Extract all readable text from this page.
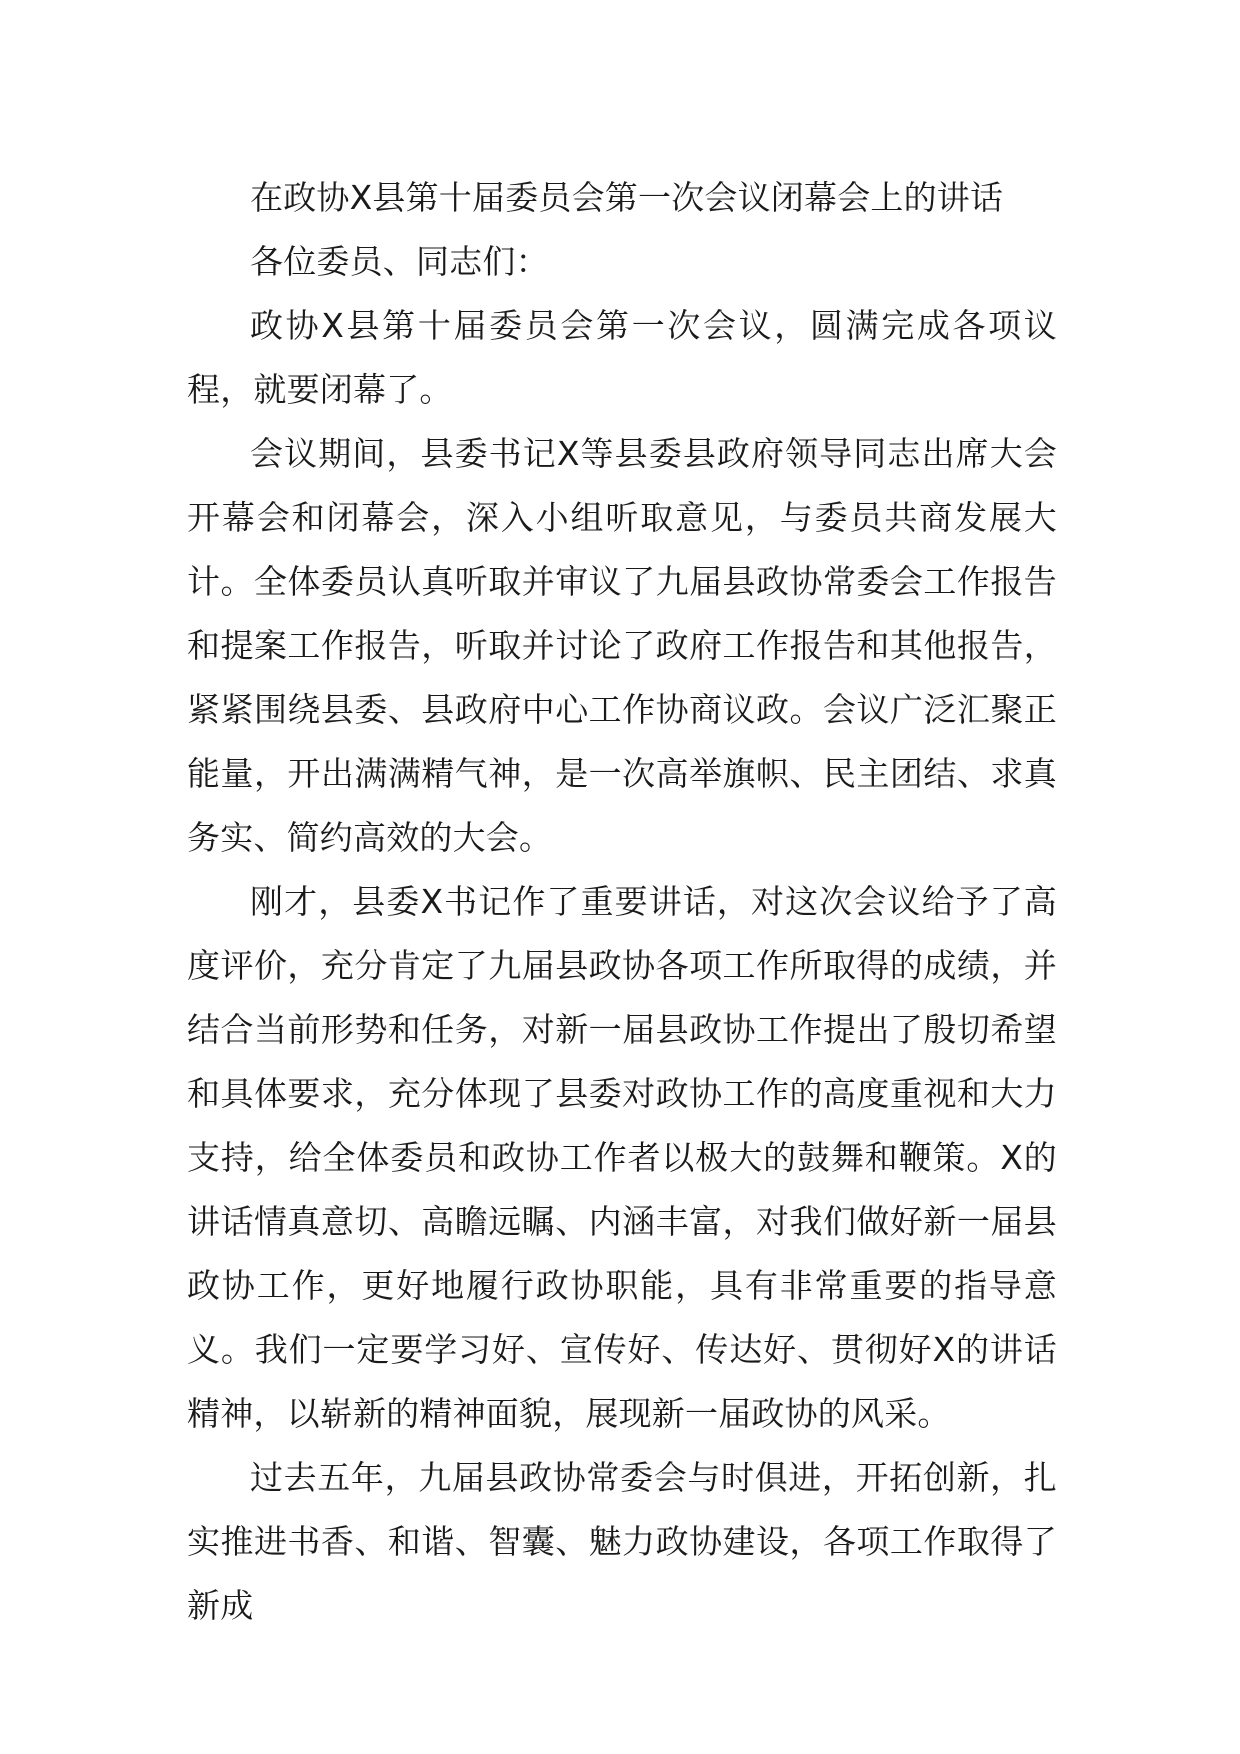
在政协X县第十届委员会第一次会议闭幕会上的讲话

各位委员、同志们：

政协X县第十届委员会第一次会议，圆满完成各项议程，就要闭幕了。

会议期间，县委书记X等县委县政府领导同志出席大会开幕会和闭幕会，深入小组听取意见，与委员共商发展大计。全体委员认真听取并审议了九届县政协常委会工作报告和提案工作报告，听取并讨论了政府工作报告和其他报告，紧紧围绕县委、县政府中心工作协商议政。会议广泛汇聚正能量，开出满满精气神，是一次高举旗帜、民主团结、求真务实、简约高效的大会。

刚才，县委X书记作了重要讲话，对这次会议给予了高度评价，充分肯定了九届县政协各项工作所取得的成绩，并结合当前形势和任务，对新一届县政协工作提出了殷切希望和具体要求，充分体现了县委对政协工作的高度重视和大力支持，给全体委员和政协工作者以极大的鼓舞和鞭策。X的讲话情真意切、高瞻远瞩、内涵丰富，对我们做好新一届县政协工作，更好地履行政协职能，具有非常重要的指导意义。我们一定要学习好、宣传好、传达好、贯彻好X的讲话精神，以崭新的精神面貌，展现新一届政协的风采。

过去五年，九届县政协常委会与时俱进，开拓创新，扎实推进书香、和谐、智囊、魅力政协建设，各项工作取得了新成
